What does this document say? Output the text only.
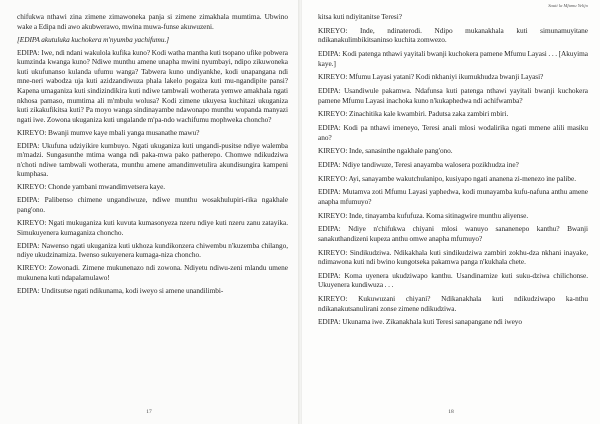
chifukwa nthawi zina zimene zimawoneka panja si zimene zimakhala mumtima. Ubwino wake a Edipa ndi awo akubwerawo, mwina muwa-funse akuwuzeni.

[EDIPA akutuluka kuchokera m'nyumba yachifumu.]

EDIPA: Iwe, ndi ndani wakulola kufika kuno? Kodi watha mantha kuti tsopano ufike pobwera kumzinda kwanga kuno? Ndiwe munthu amene unapha mwini nyumbayi, ndipo zikuwoneka kuti ukufunanso kulanda ufumu wanga? Tabwera kuno undiyankhe, kodi unapangana ndi mne-neri wabodza uja kuti azidzandiwuza phala lakelo pogaiza kuti mu-ngandipite pansi? Kapena umaganiza kuti sindizindikira kuti ndiwe tambwali wotherata yemwe amakhala ngati nkhosa pamaso, mumtima ali m'mbulu wolusa? Kodi zimene ukuyesa kuchitazi ukuganiza kuti zikakufikitsa kuti? Pa moyo wanga sindinayambe ndawonapo munthu wopanda manyazi ngati iwe. Zowona ukuganiza kuti ungalande m'pa-ndo wachifumu mophweka choncho?

KIREYO: Bwanji mumve kaye mbali yanga musanathe mawu?

EDIPA: Ukufuna udziyikire kumbuyo. Ngati ukuganiza kuti ungandi-pusitse ndiye walemba m'madzi. Sungasunthe mtima wanga ndi paka-mwa pako patherepo. Chomwe ndikudziwa n'choti ndiwe tambwali wotherata, munthu amene amandimvetulira akundisungira kampeni kumphasa.

KIREYO: Chonde yambani mwandimvetsera kaye.

EDIPA: Palibenso chimene ungandiwuze, ndiwe munthu wosakhulupiri-rika ngakhale pang'ono.

KIREYO: Ngati mukuganiza kuti kuvuta kumasonyeza nzeru ndiye kuti nzeru zanu zatayika. Simukuyenera kumaganiza choncho.

EDIPA: Nawenso ngati ukuganiza kuti ukhoza kundikonzera chiwembu n'kuzemba chilango, ndiye ukudzinamiza. Iwenso sukuyenera kumaga-niza choncho.

KIREYO: Zowonadi. Zimene mukunenazo ndi zowona. Ndiyetu ndiwu-zeni mlandu umene mukunena kuti ndapalamulawo!

EDIPA: Unditsutse ngati ndikunama, kodi iweyo si amene unandilimbi-

17
Sauti la Mfumu Yelijo

kitsa kuti ndiyitanitse Teresi?

KIREYO: Inde, ndinaterodi. Ndipo mukanakhala kuti simunamuyitane ndikanakulimbikitsaninso kuchita zomwezo.

EDIPA: Kodi patenga nthawi yayitali bwanji kuchokera pamene Mfumu Layasi . . . [Akuyima kaye.]

KIREYO: Mfumu Layasi yatani? Kodi nkhaniyi ikumukhudza bwanji Layasi?

EDIPA: Usandiwule pakamwa. Ndafunsa kuti patenga nthawi yayitali bwanji kuchokera pamene Mfumu Layasi inachoka kuno n'kukaphedwa ndi achifwamba?

KIREYO: Zinachitika kale kwambiri. Padutsa zaka zambiri mbiri.

EDIPA: Kodi pa nthawi imeneyo, Teresi anali mlosi wodalirika ngati mmene alili masiku ano?

KIREYO: Inde, sanasinthe ngakhale pang'ono.

EDIPA: Ndiye tandiwuze, Teresi anayamba walosera pozikhudza ine?

KIREYO: Ayi, sanayambe wakutchulanipo, kusiyapo ngati ananena zi-menezo ine palibe.

EDIPA: Mutamva zoti Mfumu Layasi yaphedwa, kodi munayamba kufu-nafuna anthu amene anapha mfumuyo?

KIREYO: Inde, tinayamba kufufuza. Koma sitinagwire munthu aliyense.

EDIPA: Ndiye n'chifukwa chiyani mlosi wanuyo sananenepo kanthu? Bwanji sanakuthandizeni kupeza anthu omwe anapha mfumuyo?

KIREYO: Sindikudziwa. Ndikakhala kuti sindikudziwa zambiri zokhu-dza nkhani inayake, ndimawona kuti ndi bwino kungotseka pakamwa panga n'kukhala chete.

EDIPA: Koma uyenera ukudziwapo kanthu. Usandinamize kuti suku-dziwa chilichonse. Ukuyenera kundiwuza . . .

KIREYO: Kukuwuzani chiyani? Ndikanakhala kuti ndikudziwapo ka-nthu ndikanakutsanulirani zonse zimene ndikudziwa.

EDIPA: Ukunama iwe. Zikanakhala kuti Teresi sanapangane ndi iweyo

18
